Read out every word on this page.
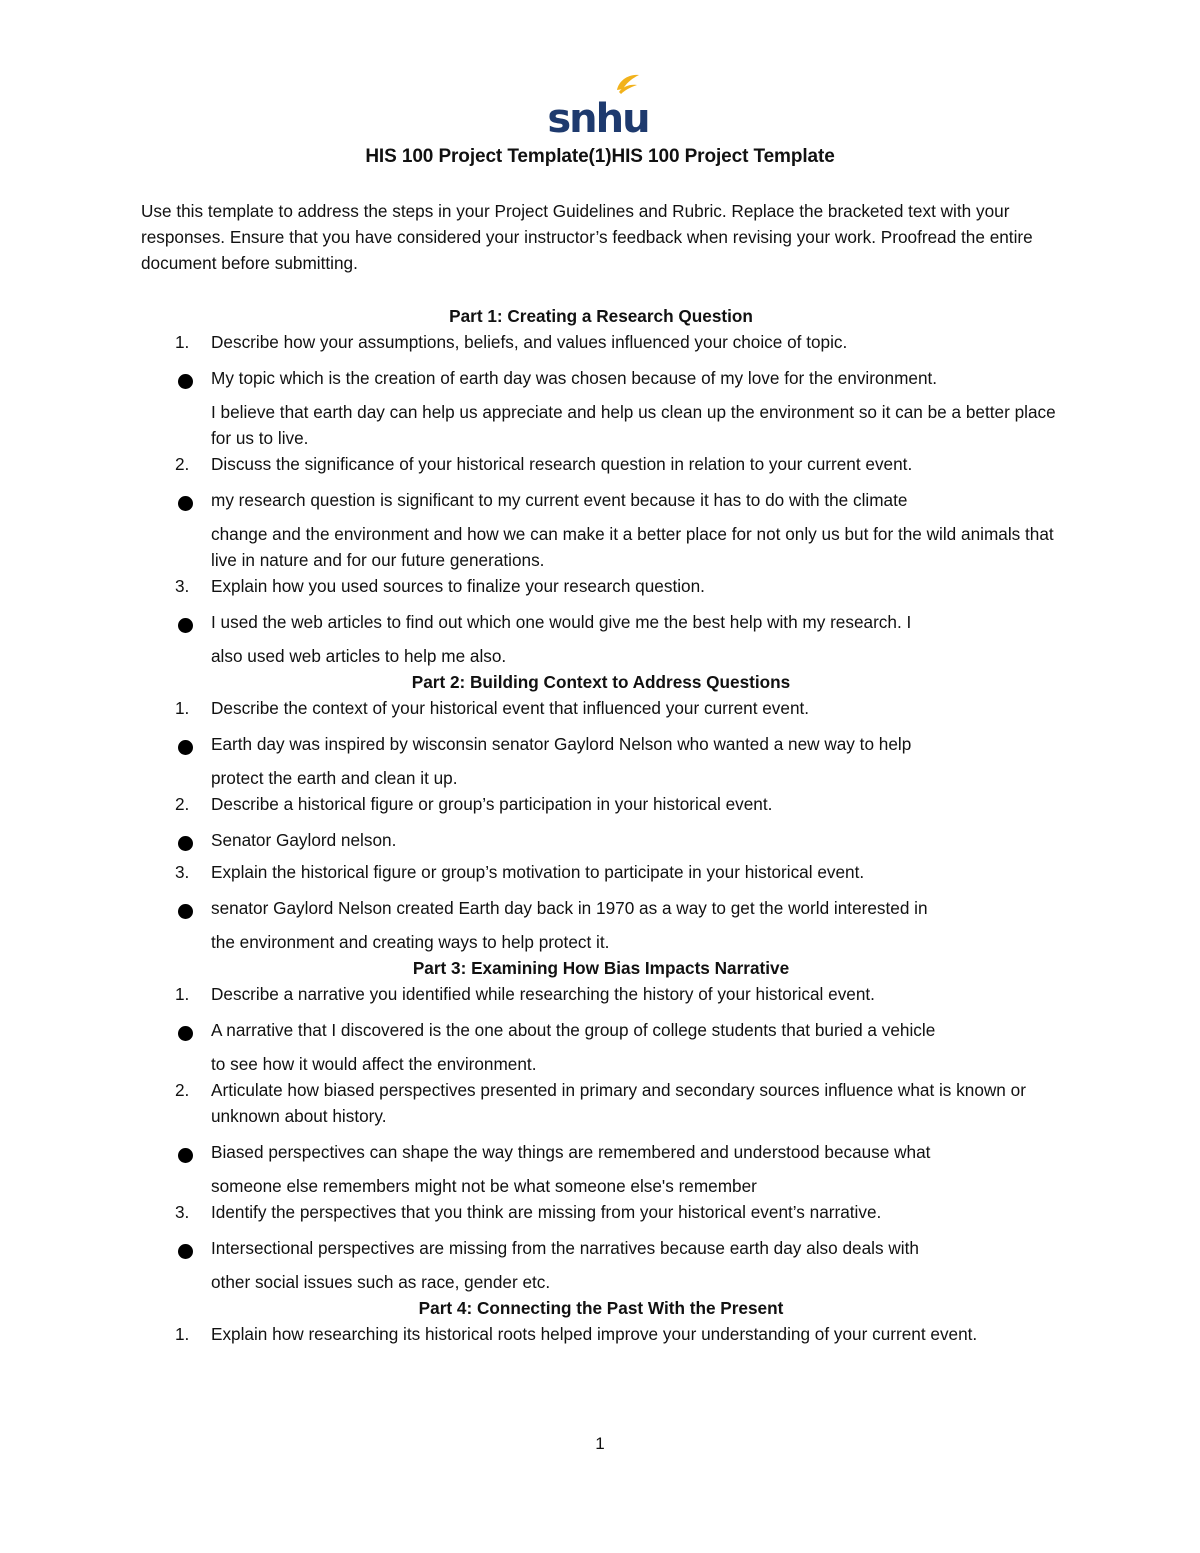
snhu
HIS 100 Project Template(1)HIS 100 Project Template

Use this template to address the steps in your Project Guidelines and Rubric. Replace the bracketed text with your responses. Ensure that you have considered your instructor’s feedback when revising your work. Proofread the entire document before submitting.

Part 1: Creating a Research Question

1. Describe how your assumptions, beliefs, and values influenced your choice of topic.
My topic which is the creation of earth day was chosen because of my love for the environment.
I believe that earth day can help us appreciate and help us clean up the environment so it can be a better place for us to live.
2. Discuss the significance of your historical research question in relation to your current event.
my research question is significant to my current event because it has to do with the climate
change and the environment and how we can make it a better place for not only us but for the wild animals that live in nature and for our future generations.
3. Explain how you used sources to finalize your research question.
I used the web articles to find out which one would give me the best help with my research. I
also used web articles to help me also.

Part 2: Building Context to Address Questions

1. Describe the context of your historical event that influenced your current event.
Earth day was inspired by wisconsin senator Gaylord Nelson who wanted a new way to help
protect the earth and clean it up.
2. Describe a historical figure or group’s participation in your historical event.
Senator Gaylord nelson.
3. Explain the historical figure or group’s motivation to participate in your historical event.
senator Gaylord Nelson created Earth day back in 1970 as a way to get the world interested in
the environment and creating ways to help protect it.

Part 3: Examining How Bias Impacts Narrative

1. Describe a narrative you identified while researching the history of your historical event.
A narrative that I discovered is the one about the group of college students that buried a vehicle
to see how it would affect the environment.
2. Articulate how biased perspectives presented in primary and secondary sources influence what is known or unknown about history.
Biased perspectives can shape the way things are remembered and understood because what
someone else remembers might not be what someone else's remember
3. Identify the perspectives that you think are missing from your historical event’s narrative.
Intersectional perspectives are missing from the narratives because earth day also deals with
other social issues such as race, gender etc.

Part 4: Connecting the Past With the Present

1. Explain how researching its historical roots helped improve your understanding of your current event.
1
